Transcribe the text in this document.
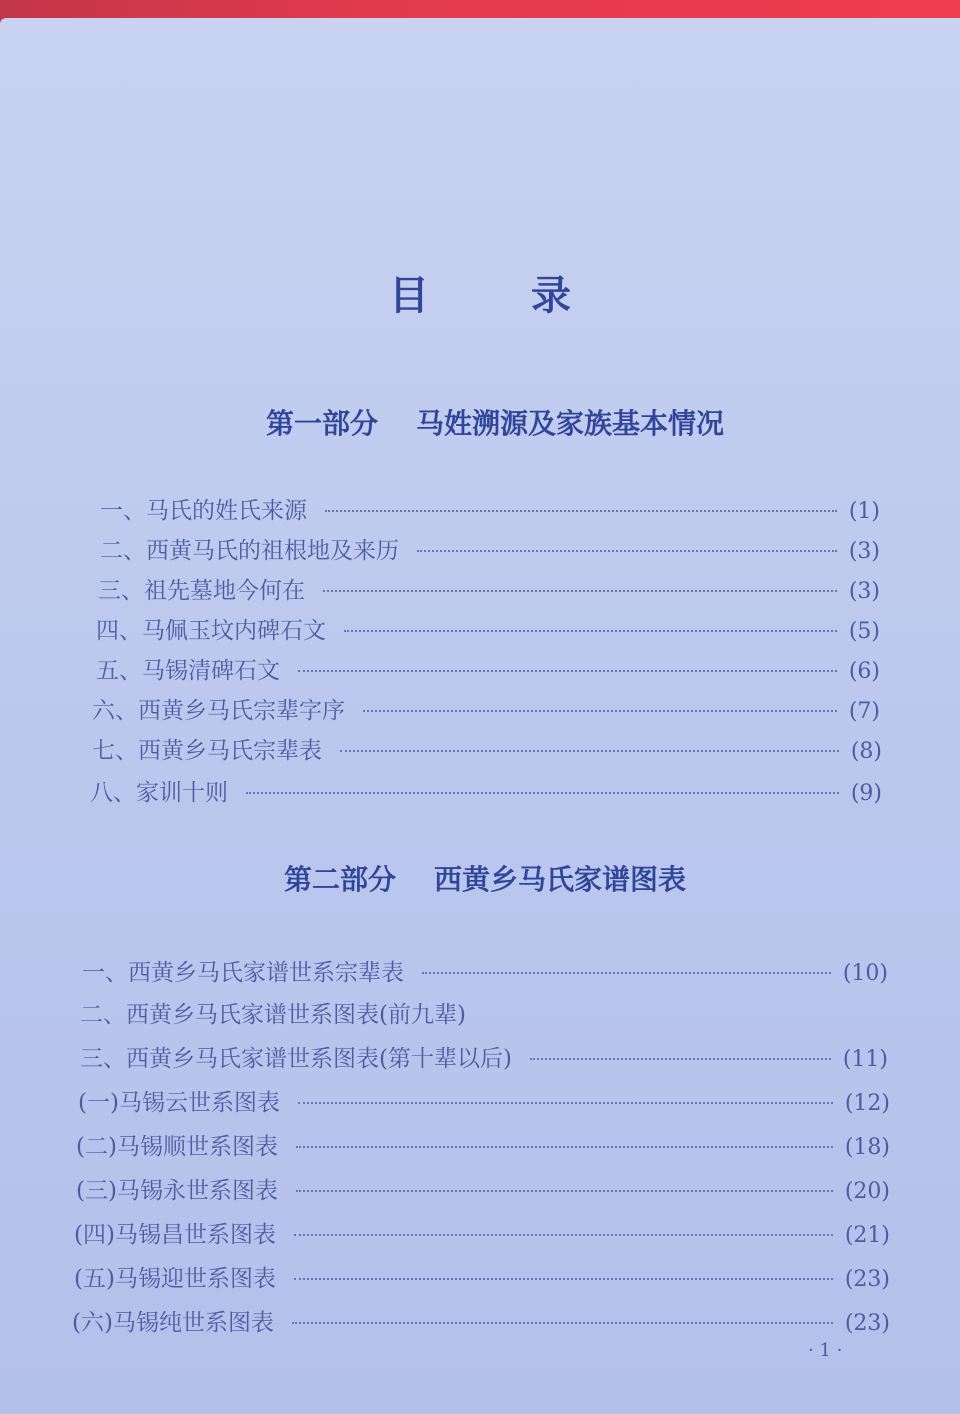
目 录
第一部分 马姓溯源及家族基本情况
一、马氏的姓氏来源	(1)
二、西黄马氏的祖根地及来历	(3)
三、祖先墓地今何在	(3)
四、马佩玉坟内碑石文	(5)
五、马锡清碑石文	(6)
六、西黄乡马氏宗辈字序	(7)
七、西黄乡马氏宗辈表	(8)
八、家训十则	(9)
第二部分 西黄乡马氏家谱图表
一、西黄乡马氏家谱世系宗辈表	(10)
二、西黄乡马氏家谱世系图表(前九辈)
三、西黄乡马氏家谱世系图表(第十辈以后)	(11)
(一)马锡云世系图表	(12)
(二)马锡顺世系图表	(18)
(三)马锡永世系图表	(20)
(四)马锡昌世系图表	(21)
(五)马锡迎世系图表	(23)
(六)马锡纯世系图表	(23)
· 1 ·
